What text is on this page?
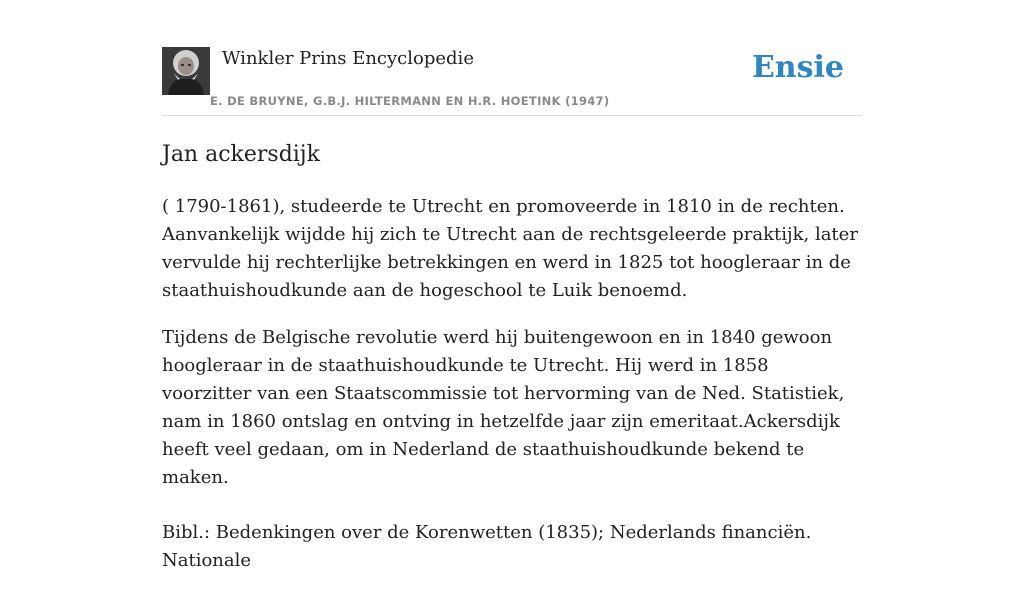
Winkler Prins Encyclopedie
E. DE BRUYNE, G.B.J. HILTERMANN EN H.R. HOETINK (1947)
Ensie
Jan ackersdijk

( 1790-1861), studeerde te Utrecht en promoveerde in 1810 in de rechten. Aanvankelijk wijdde hij zich te Utrecht aan de rechtsgeleerde praktijk, later vervulde hij rechterlijke betrekkingen en werd in 1825 tot hoogleraar in de staathuishoudkunde aan de hogeschool te Luik benoemd.

Tijdens de Belgische revolutie werd hij buitengewoon en in 1840 gewoon hoogleraar in de staathuishoudkunde te Utrecht. Hij werd in 1858 voorzitter van een Staatscommissie tot hervorming van de Ned. Statistiek, nam in 1860 ontslag en ontving in hetzelfde jaar zijn emeritaat.Ackersdijk heeft veel gedaan, om in Nederland de staathuishoudkunde bekend te maken.

Bibl.: Bedenkingen over de Korenwetten (1835); Nederlands financiën. Nationale
